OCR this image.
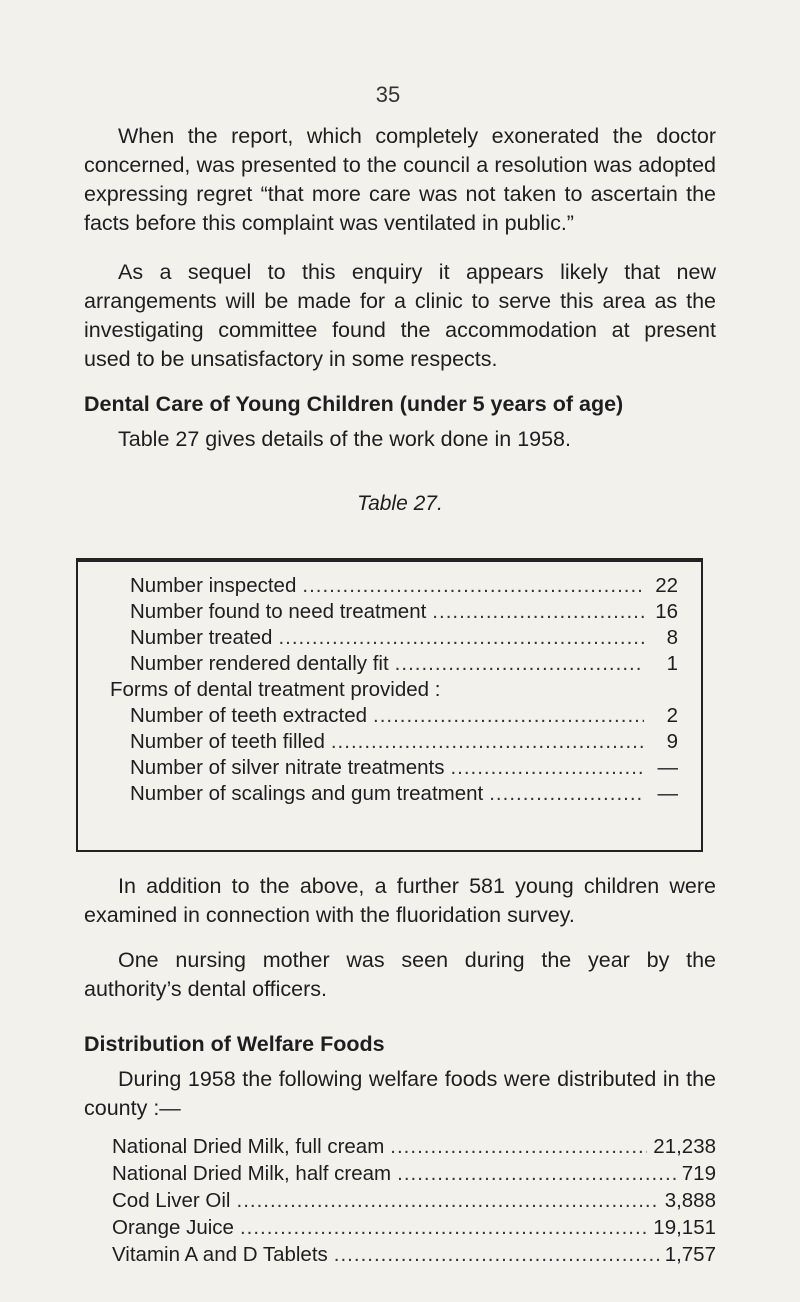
35

When the report, which completely exonerated the doctor concerned, was presented to the council a resolution was adopted expressing regret “that more care was not taken to ascertain the facts before this complaint was ventilated in public.”

As a sequel to this enquiry it appears likely that new arrangements will be made for a clinic to serve this area as the investigating committee found the accommodation at present used to be unsatisfactory in some respects.

Dental Care of Young Children (under 5 years of age)

Table 27 gives details of the work done in 1958.

Table 27.

Number inspected .....	22
Number found to need treatment .....	16
Number treated .....	8
Number rendered dentally fit .....	1
Forms of dental treatment provided :
Number of teeth extracted .....	2
Number of teeth filled .....	9
Number of silver nitrate treatments .....	—
Number of scalings and gum treatment .....	—

In addition to the above, a further 581 young children were examined in connection with the fluoridation survey.

One nursing mother was seen during the year by the authority’s dental officers.

Distribution of Welfare Foods

During 1958 the following welfare foods were distributed in the county :—

National Dried Milk, full cream .....	21,238
National Dried Milk, half cream .....	719
Cod Liver Oil .....	3,888
Orange Juice .....	19,151
Vitamin A and D Tablets .....	1,757
